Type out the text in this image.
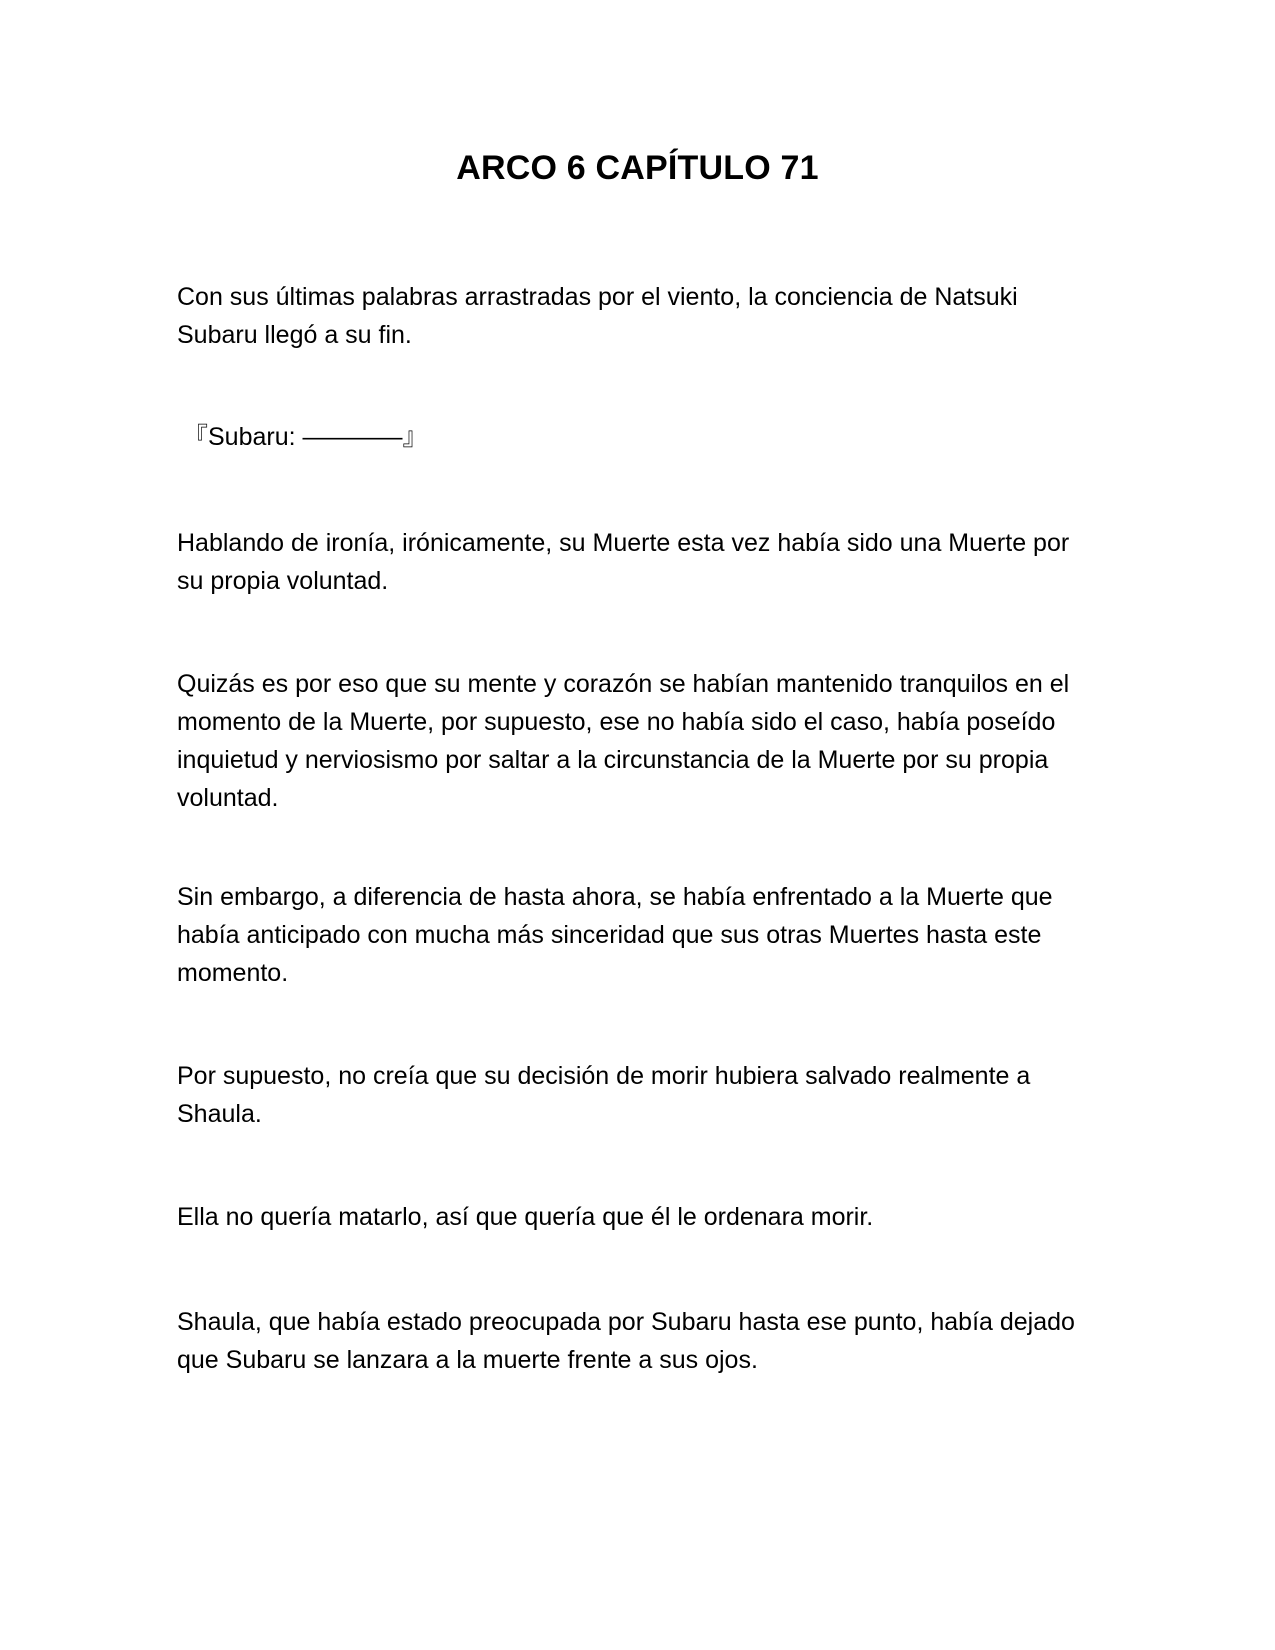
ARCO 6 CAPÍTULO 71

Con sus últimas palabras arrastradas por el viento, la conciencia de Natsuki Subaru llegó a su fin.

『Subaru: ————』

Hablando de ironía, irónicamente, su Muerte esta vez había sido una Muerte por su propia voluntad.

Quizás es por eso que su mente y corazón se habían mantenido tranquilos en el momento de la Muerte, por supuesto, ese no había sido el caso, había poseído inquietud y nerviosismo por saltar a la circunstancia de la Muerte por su propia voluntad.

Sin embargo, a diferencia de hasta ahora, se había enfrentado a la Muerte que había anticipado con mucha más sinceridad que sus otras Muertes hasta este momento.

Por supuesto, no creía que su decisión de morir hubiera salvado realmente a Shaula.

Ella no quería matarlo, así que quería que él le ordenara morir.

Shaula, que había estado preocupada por Subaru hasta ese punto, había dejado que Subaru se lanzara a la muerte frente a sus ojos.
